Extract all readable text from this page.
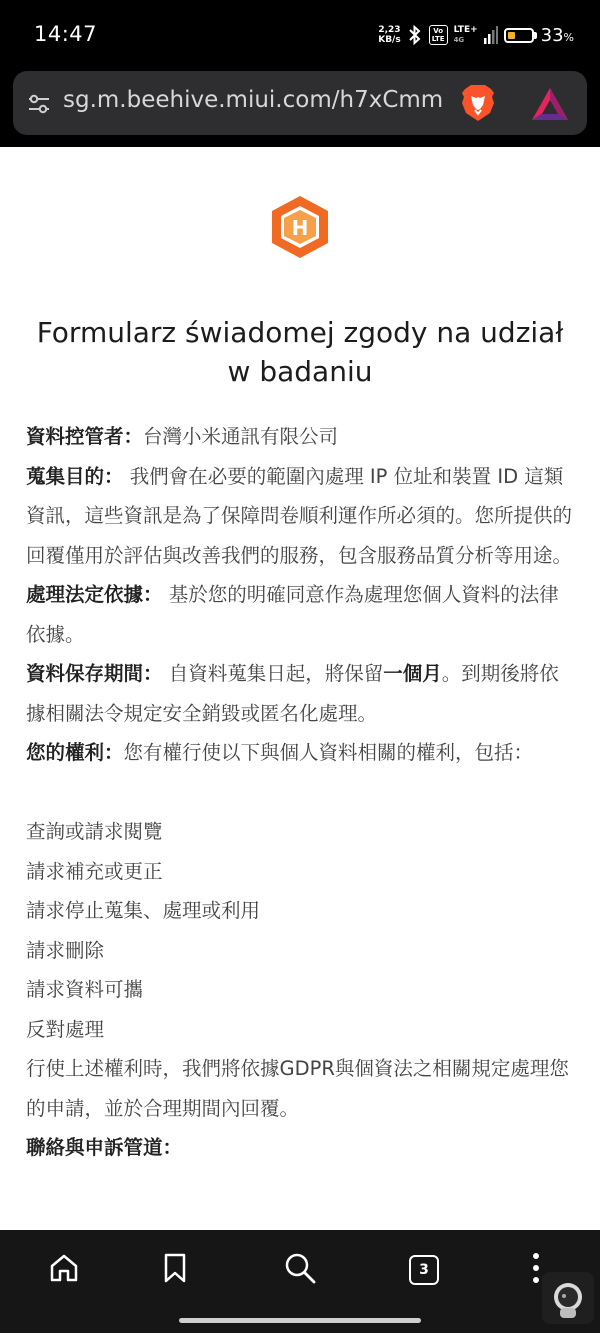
14:47	2,23
KB/s
Vo
LTE
LTE+
4G	33%
sg.m.beehive.miui.com/h7xCmm
H
Formularz świadomej zgody na udział w badaniu

資料控管者：台灣小米通訊有限公司

蒐集目的： 我們會在必要的範圍內處理 IP 位址和裝置 ID 這類資訊，這些資訊是為了保障問卷順利運作所必須的。您所提供的回覆僅用於評估與改善我們的服務，包含服務品質分析等用途。

處理法定依據： 基於您的明確同意作為處理您個人資料的法律依據。

資料保存期間： 自資料蒐集日起，將保留一個月。到期後將依據相關法令規定安全銷毀或匿名化處理。

您的權利：您有權行使以下與個人資料相關的權利，包括：

查詢或請求閱覽

請求補充或更正

請求停止蒐集、處理或利用

請求刪除

請求資料可攜

反對處理

行使上述權利時，我們將依據GDPR與個資法之相關規定處理您的申請，並於合理期間內回覆。

聯絡與申訴管道：

3
